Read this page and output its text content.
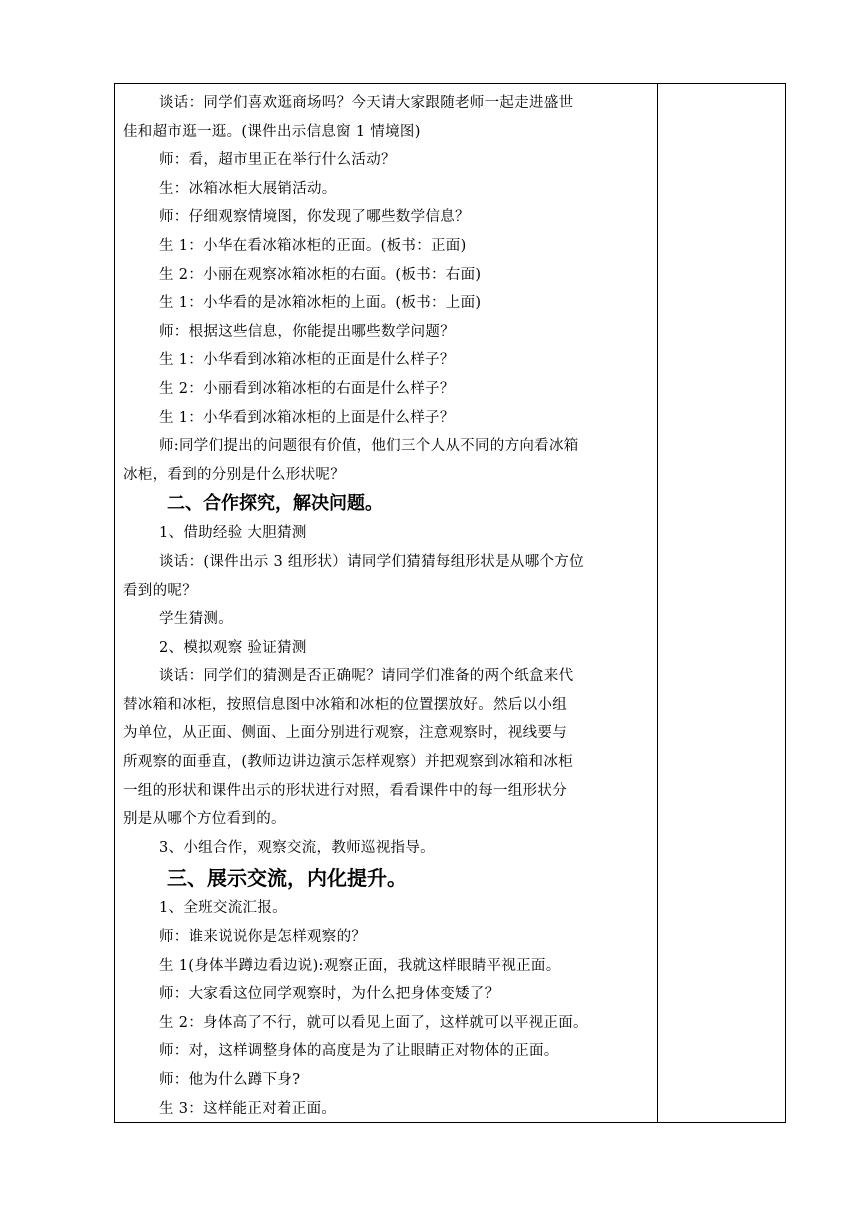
谈话：同学们喜欢逛商场吗？今天请大家跟随老师一起走进盛世
佳和超市逛一逛。(课件出示信息窗 1 情境图)
师：看，超市里正在举行什么活动？
生：冰箱冰柜大展销活动。
师：仔细观察情境图，你发现了哪些数学信息？
生 1：小华在看冰箱冰柜的正面。(板书：正面)
生 2：小丽在观察冰箱冰柜的右面。(板书：右面)
生 1：小华看的是冰箱冰柜的上面。(板书：上面)
师：根据这些信息，你能提出哪些数学问题？
生 1：小华看到冰箱冰柜的正面是什么样子？
生 2：小丽看到冰箱冰柜的右面是什么样子？
生 1：小华看到冰箱冰柜的上面是什么样子？
师:同学们提出的问题很有价值，他们三个人从不同的方向看冰箱
冰柜，看到的分别是什么形状呢？
二、合作探究，解决问题。
1、借助经验 大胆猜测
谈话：(课件出示 3 组形状）请同学们猜猜每组形状是从哪个方位
看到的呢？
学生猜测。
2、模拟观察 验证猜测
谈话：同学们的猜测是否正确呢？请同学们准备的两个纸盒来代
替冰箱和冰柜，按照信息图中冰箱和冰柜的位置摆放好。然后以小组
为单位，从正面、侧面、上面分别进行观察，注意观察时，视线要与
所观察的面垂直，(教师边讲边演示怎样观察）并把观察到冰箱和冰柜
一组的形状和课件出示的形状进行对照，看看课件中的每一组形状分
别是从哪个方位看到的。
3、小组合作，观察交流，教师巡视指导。
三、展示交流，内化提升。
1、全班交流汇报。
师：谁来说说你是怎样观察的？
生 1(身体半蹲边看边说):观察正面，我就这样眼睛平视正面。
师：大家看这位同学观察时，为什么把身体变矮了？
生 2：身体高了不行，就可以看见上面了，这样就可以平视正面。
师：对，这样调整身体的高度是为了让眼睛正对物体的正面。
师：他为什么蹲下身?
生 3：这样能正对着正面。
